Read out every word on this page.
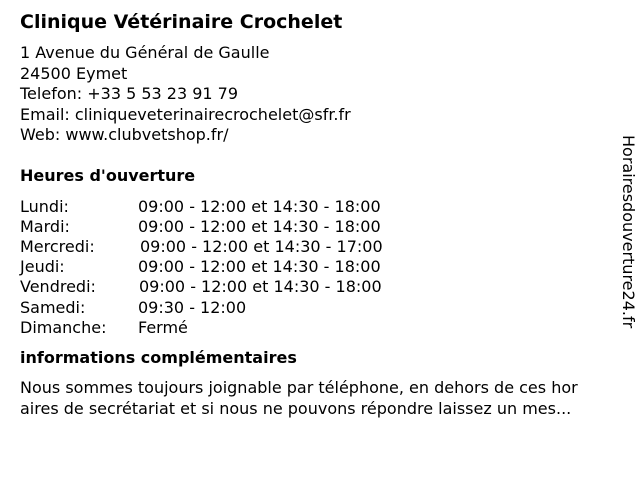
Clinique Vétérinaire Crochelet
1 Avenue du Général de Gaulle
24500 Eymet
Telefon: +33 5 53 23 91 79
Email: cliniqueveterinairecrochelet@sfr.fr
Web: www.clubvetshop.fr/
Heures d'ouverture
Lundi:	09:00 - 12:00 et 14:30 - 18:00
Mardi:	09:00 - 12:00 et 14:30 - 18:00
Mercredi:	09:00 - 12:00 et 14:30 - 17:00
Jeudi:	09:00 - 12:00 et 14:30 - 18:00
Vendredi:	09:00 - 12:00 et 14:30 - 18:00
Samedi:	09:30 - 12:00
Dimanche:	Fermé
informations complémentaires
Nous sommes toujours joignable par téléphone, en dehors de ces hor
aires de secrétariat et si nous ne pouvons répondre laissez un mes...
Horairesdouverture24.fr
